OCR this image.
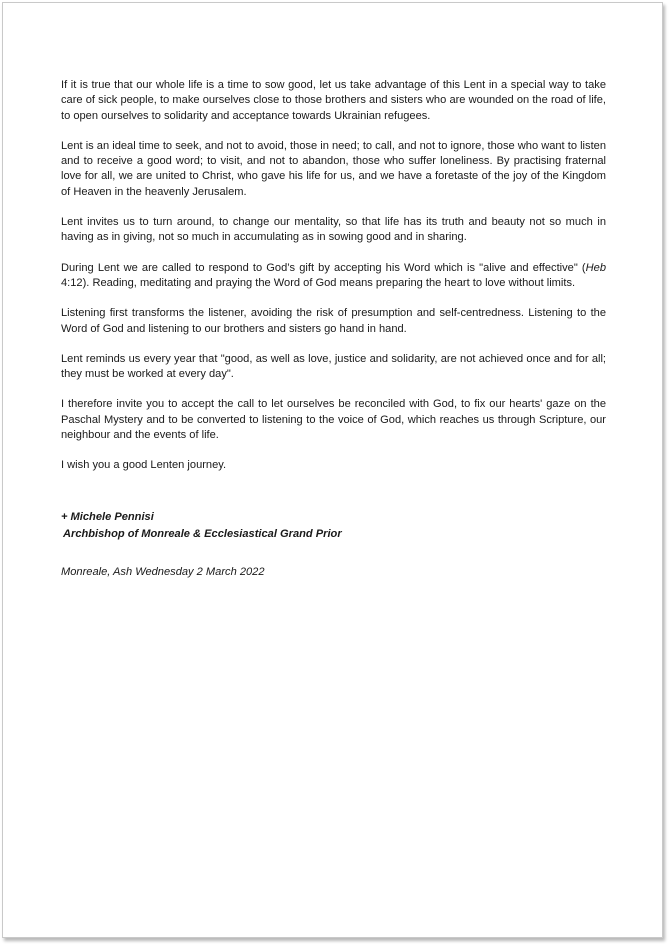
If it is true that our whole life is a time to sow good, let us take advantage of this Lent in a special way to take care of sick people, to make ourselves close to those brothers and sisters who are wounded on the road of life, to open ourselves to solidarity and acceptance towards Ukrainian refugees.

Lent is an ideal time to seek, and not to avoid, those in need; to call, and not to ignore, those who want to listen and to receive a good word; to visit, and not to abandon, those who suffer loneliness. By practising fraternal love for all, we are united to Christ, who gave his life for us, and we have a foretaste of the joy of the Kingdom of Heaven in the heavenly Jerusalem.

Lent invites us to turn around, to change our mentality, so that life has its truth and beauty not so much in having as in giving, not so much in accumulating as in sowing good and in sharing.

During Lent we are called to respond to God’s gift by accepting his Word which is "alive and effective" (Heb 4:12). Reading, meditating and praying the Word of God means preparing the heart to love without limits.

Listening first transforms the listener, avoiding the risk of presumption and self-centredness. Listening to the Word of God and listening to our brothers and sisters go hand in hand.

Lent reminds us every year that "good, as well as love, justice and solidarity, are not achieved once and for all; they must be worked at every day".

I therefore invite you to accept the call to let ourselves be reconciled with God, to fix our hearts' gaze on the Paschal Mystery and to be converted to listening to the voice of God, which reaches us through Scripture, our neighbour and the events of life.

I wish you a good Lenten journey.

+ Michele Pennisi
Archbishop of Monreale & Ecclesiastical Grand Prior
Monreale, Ash Wednesday 2 March 2022
